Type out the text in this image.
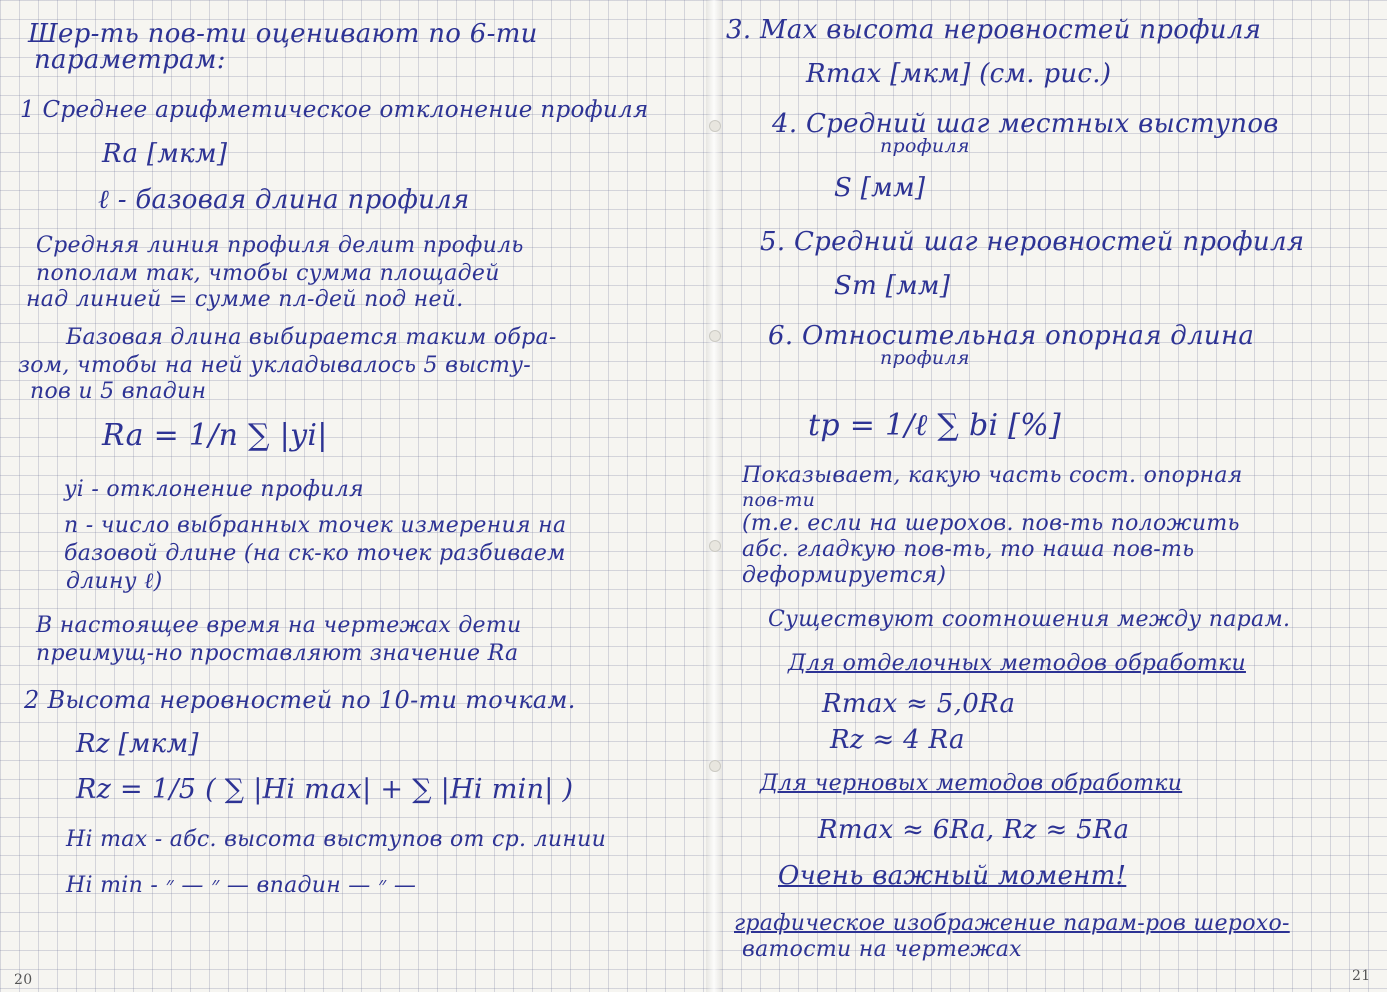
Шер-ть пов-ти оценивают по 6-ти
параметрам:
1 Среднее арифметическое отклонение профиля
Ra [мкм]
ℓ - базовая длина профиля
Средняя линия профиля делит профиль
пополам так, чтобы сумма площадей
над линией = сумме пл-дей под ней.
Базовая длина выбирается таким обра-
зом, чтобы на ней укладывалось 5 высту-
пов и 5 впадин
Ra = 1/n ∑ |yi|
yi - отклонение профиля
n - число выбранных точек измерения на
базовой длине (на ск-ко точек разбиваем
длину ℓ)
В настоящее время на чертежах дети
преимущ-но проставляют значение Ra
2 Высота неровностей по 10-ти точкам.
Rz [мкм]
Rz = 1/5 ( ∑ |Hi max| + ∑ |Hi min| )
Hi max - абс. высота выступов от ср. линии
Hi min - ״ — ״ — впадин — ״ —
20
3. Max высота неровностей профиля
Rmax [мкм] (см. рис.)
4. Средний шаг местных выступов
профиля
S [мм]
5. Средний шаг неровностей профиля
Sm [мм]
6. Относительная опорная длина
профиля
tp = 1/ℓ ∑ bi [%]
Показывает, какую часть сост. опорная
пов-ти
(т.е. если на шерохов. пов-ть положить
абс. гладкую пов-ть, то наша пов-ть
деформируется)
Существуют соотношения между парам.
Для отделочных методов обработки
Rmax ≈ 5,0Ra
Rz ≈ 4 Ra
Для черновых методов обработки
Rmax ≈ 6Ra, Rz ≈ 5Ra
Очень важный момент!
графическое изображение парам-ров шерохо-
ватости на чертежах
21
